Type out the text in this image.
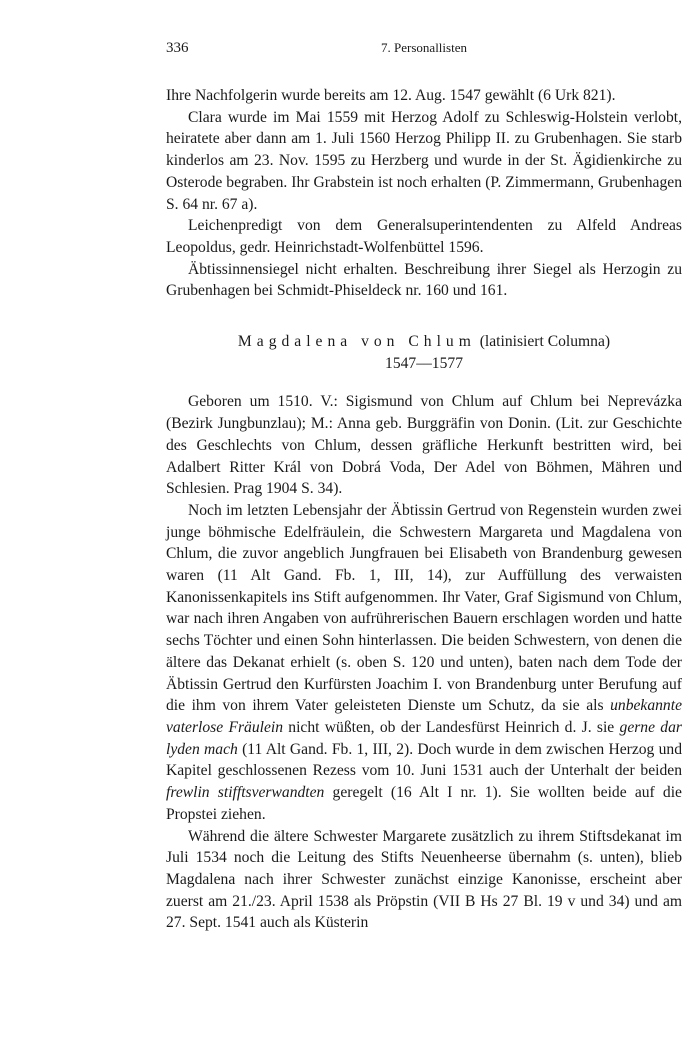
336	7. Personallisten

Ihre Nachfolgerin wurde bereits am 12. Aug. 1547 gewählt (6 Urk 821).

Clara wurde im Mai 1559 mit Herzog Adolf zu Schleswig-Holstein verlobt, heiratete aber dann am 1. Juli 1560 Herzog Philipp II. zu Grubenhagen. Sie starb kinderlos am 23. Nov. 1595 zu Herzberg und wurde in der St. Ägidienkirche zu Osterode begraben. Ihr Grabstein ist noch erhalten (P. Zimmermann, Grubenhagen S. 64 nr. 67 a).

Leichenpredigt von dem Generalsuperintendenten zu Alfeld Andreas Leopoldus, gedr. Heinrichstadt-Wolfenbüttel 1596.

Äbtissinnensiegel nicht erhalten. Beschreibung ihrer Siegel als Herzogin zu Grubenhagen bei Schmidt-Phiseldeck nr. 160 und 161.

Magdalena von Chlum (latinisiert Columna)
1547—1577

Geboren um 1510. V.: Sigismund von Chlum auf Chlum bei Neprevázka (Bezirk Jungbunzlau); M.: Anna geb. Burggräfin von Donin. (Lit. zur Geschichte des Geschlechts von Chlum, dessen gräfliche Herkunft bestritten wird, bei Adalbert Ritter Král von Dobrá Voda, Der Adel von Böhmen, Mähren und Schlesien. Prag 1904 S. 34).

Noch im letzten Lebensjahr der Äbtissin Gertrud von Regenstein wurden zwei junge böhmische Edelfräulein, die Schwestern Margareta und Magdalena von Chlum, die zuvor angeblich Jungfrauen bei Elisabeth von Brandenburg gewesen waren (11 Alt Gand. Fb. 1, III, 14), zur Auffüllung des verwaisten Kanonissenkapitels ins Stift aufgenommen. Ihr Vater, Graf Sigismund von Chlum, war nach ihren Angaben von aufrührerischen Bauern erschlagen worden und hatte sechs Töchter und einen Sohn hinterlassen. Die beiden Schwestern, von denen die ältere das Dekanat erhielt (s. oben S. 120 und unten), baten nach dem Tode der Äbtissin Gertrud den Kurfürsten Joachim I. von Brandenburg unter Berufung auf die ihm von ihrem Vater geleisteten Dienste um Schutz, da sie als unbekannte vaterlose Fräulein nicht wüßten, ob der Landesfürst Heinrich d. J. sie gerne dar lyden mach (11 Alt Gand. Fb. 1, III, 2). Doch wurde in dem zwischen Herzog und Kapitel geschlossenen Rezess vom 10. Juni 1531 auch der Unterhalt der beiden frewlin stifftsverwandten geregelt (16 Alt I nr. 1). Sie wollten beide auf die Propstei ziehen.

Während die ältere Schwester Margarete zusätzlich zu ihrem Stiftsdekanat im Juli 1534 noch die Leitung des Stifts Neuenheerse übernahm (s. unten), blieb Magdalena nach ihrer Schwester zunächst einzige Kanonisse, erscheint aber zuerst am 21./23. April 1538 als Pröpstin (VII B Hs 27 Bl. 19 v und 34) und am 27. Sept. 1541 auch als Küsterin
